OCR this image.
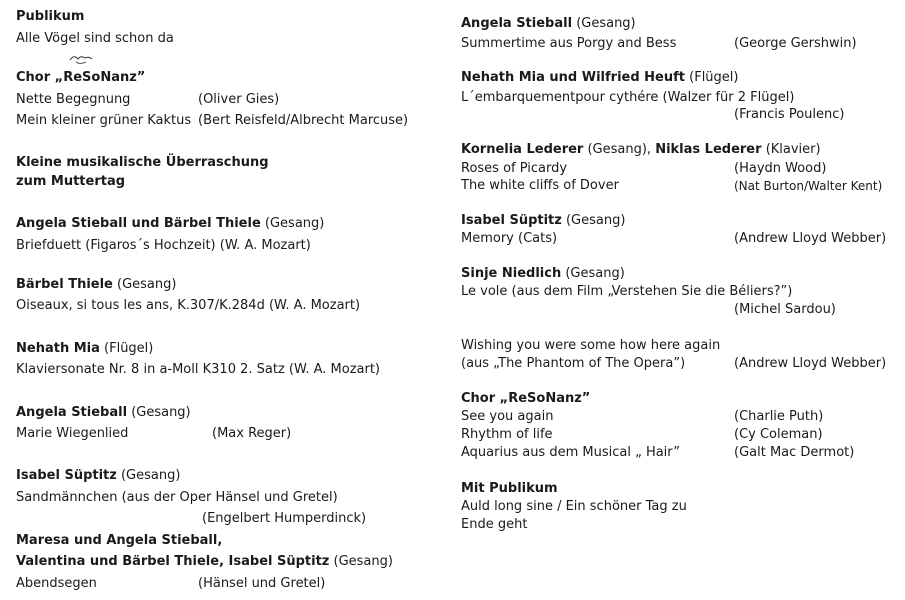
Publikum
Alle Vögel sind schon da
Chor „ReSoNanz”
Nette Begegnung	(Oliver Gies)
Mein kleiner grüner Kaktus (Bert Reisfeld/Albrecht Marcuse)
Kleine musikalische Überraschung
zum Muttertag
Angela Stieball und Bärbel Thiele (Gesang)
Briefduett (Figaros´s Hochzeit) (W. A. Mozart)
Bärbel Thiele (Gesang)
Oiseaux, si tous les ans, K.307/K.284d (W. A. Mozart)
Nehath Mia (Flügel)
Klaviersonate Nr. 8 in a-Moll K310 2. Satz (W. A. Mozart)
Angela Stieball (Gesang)
Marie Wiegenlied	(Max Reger)
Isabel Süptitz (Gesang)
Sandmännchen (aus der Oper Hänsel und Gretel)
(Engelbert Humperdinck)
Maresa und Angela Stieball,
Valentina und Bärbel Thiele, Isabel Süptitz (Gesang)
Abendsegen	(Hänsel und Gretel)
Angela Stieball (Gesang)
Summertime aus Porgy and Bess	(George Gershwin)
Nehath Mia und Wilfried Heuft (Flügel)
L´embarquementpour cythére (Walzer für 2 Flügel)
(Francis Poulenc)
Kornelia Lederer (Gesang), Niklas Lederer (Klavier)
Roses of Picardy	(Haydn Wood)
The white cliffs of Dover	(Nat Burton/Walter Kent)
Isabel Süptitz (Gesang)
Memory (Cats)	(Andrew Lloyd Webber)
Sinje Niedlich (Gesang)
Le vole (aus dem Film „Verstehen Sie die Béliers?”)
(Michel Sardou)
Wishing you were some how here again
(aus „The Phantom of The Opera”)	(Andrew Lloyd Webber)
Chor „ReSoNanz”
See you again	(Charlie Puth)
Rhythm of life	(Cy Coleman)
Aquarius aus dem Musical „ Hair”	(Galt Mac Dermot)
Mit Publikum
Auld long sine / Ein schöner Tag zu
Ende geht
